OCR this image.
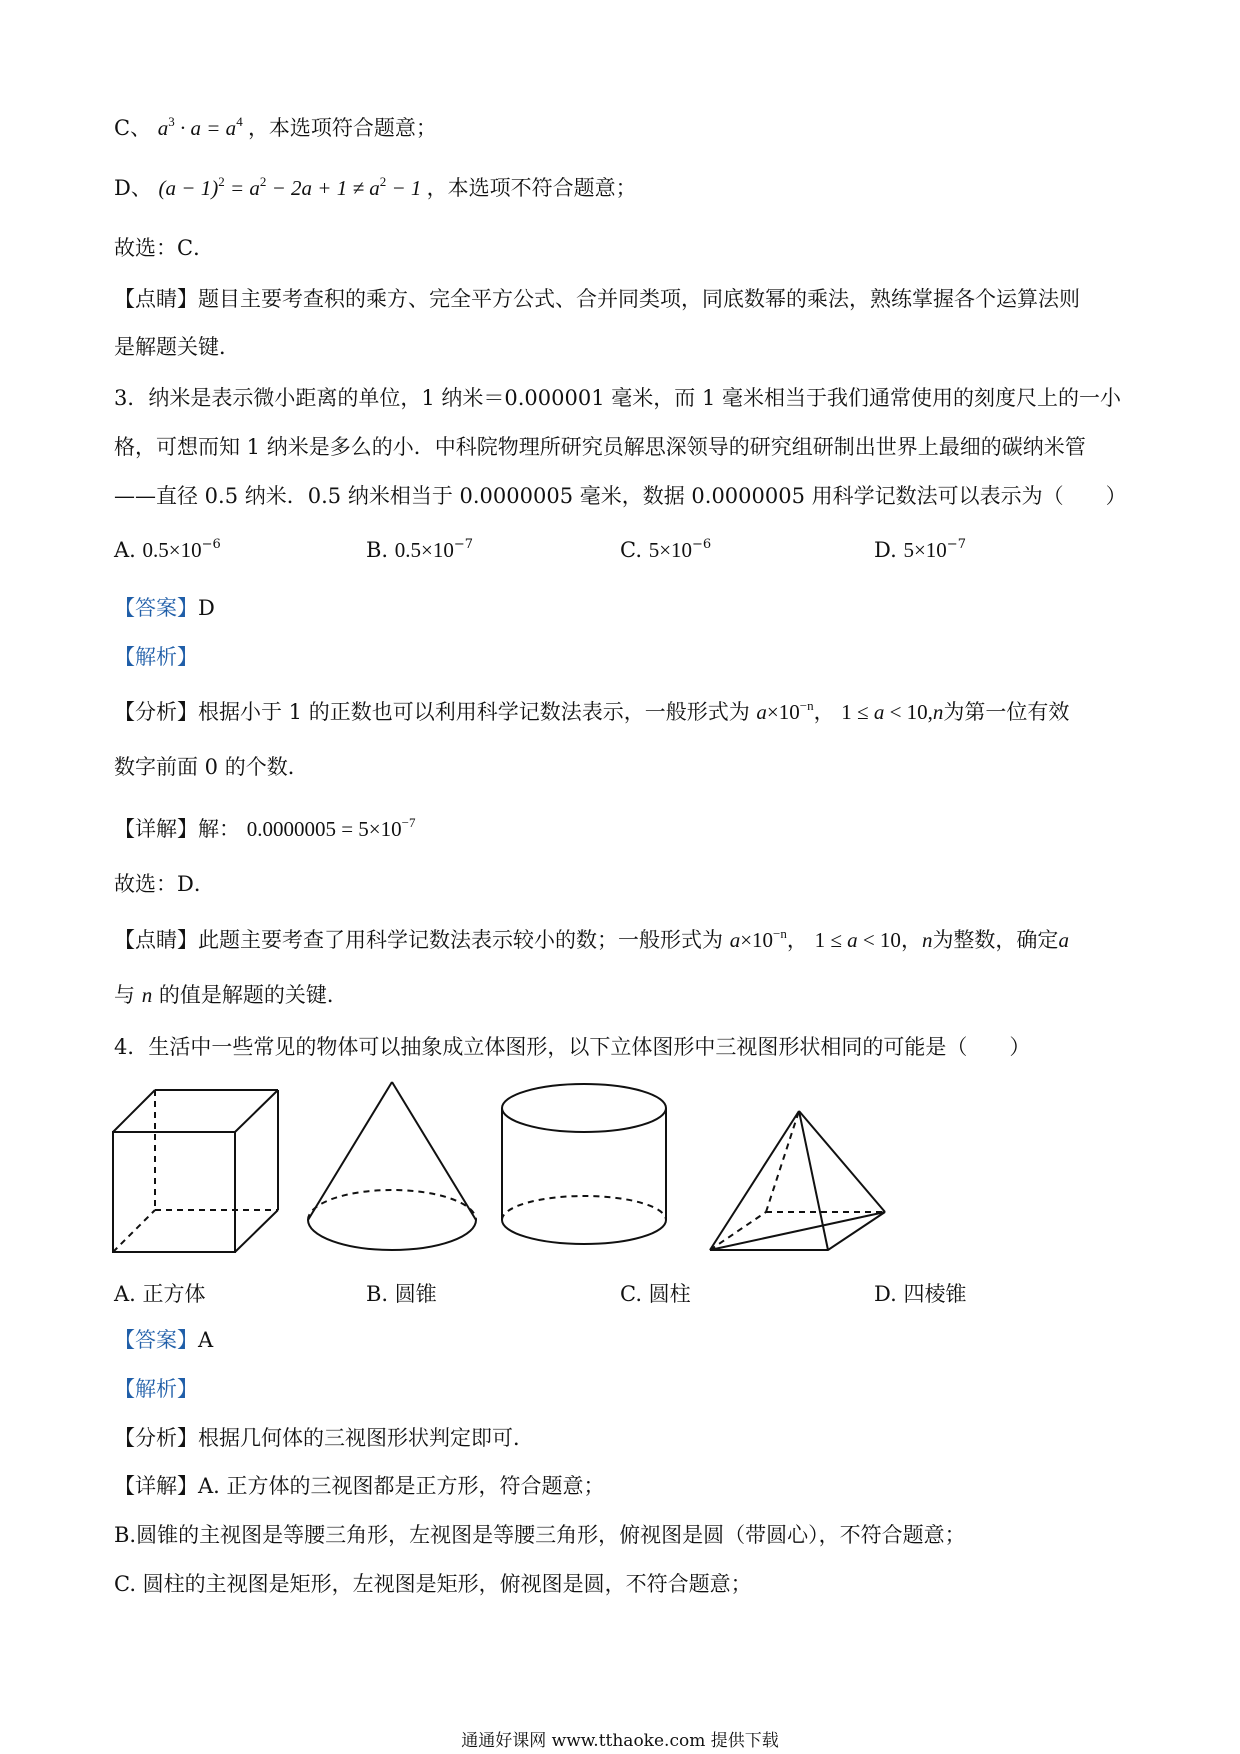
C、 $a^3 \cdot a = a^4$ ，本选项符合题意；
D、 $(a - 1)^2 = a^2 - 2a + 1 \ne a^2 - 1$ ，本选项不符合题意；
故选：C．
【点睛】题目主要考查积的乘方、完全平方公式、合并同类项，同底数幂的乘法，熟练掌握各个运算法则
是解题关键．
3．纳米是表示微小距离的单位，1 纳米＝0.000001 毫米，而 1 毫米相当于我们通常使用的刻度尺上的一小
格，可想而知 1 纳米是多么的小．中科院物理所研究员解思深领导的研究组研制出世界上最细的碳纳米管
——直径 0.5 纳米．0.5 纳米相当于 0.0000005 毫米，数据 0.0000005 用科学记数法可以表示为（　　）
A. $0.5\times 10^{-6}$	B. $0.5\times 10^{-7}$	C. $5\times 10^{-6}$	D. $5\times 10^{-7}$
【答案】D
【解析】
【分析】根据小于 1 的正数也可以利用科学记数法表示，一般形式为 $a\times 10^{-n}$， 1 ≤ a < 10,n为第一位有效
数字前面 0 的个数．
【详解】解： $0.0000005 = 5\times 10^{-7}$
故选：D．
【点睛】此题主要考查了用科学记数法表示较小的数；一般形式为 $a\times 10^{-n}$， 1 ≤ a < 10，n为整数，确定a
与 n 的值是解题的关键．
4．生活中一些常见的物体可以抽象成立体图形，以下立体图形中三视图形状相同的可能是（　　）
A. 正方体	B. 圆锥	C. 圆柱	D. 四棱锥
【答案】A
【解析】
【分析】根据几何体的三视图形状判定即可．
【详解】A. 正方体的三视图都是正方形，符合题意；
B.圆锥的主视图是等腰三角形，左视图是等腰三角形，俯视图是圆（带圆心），不符合题意；
C. 圆柱的主视图是矩形，左视图是矩形，俯视图是圆，不符合题意；
通通好课网 www.tthaoke.com 提供下载
